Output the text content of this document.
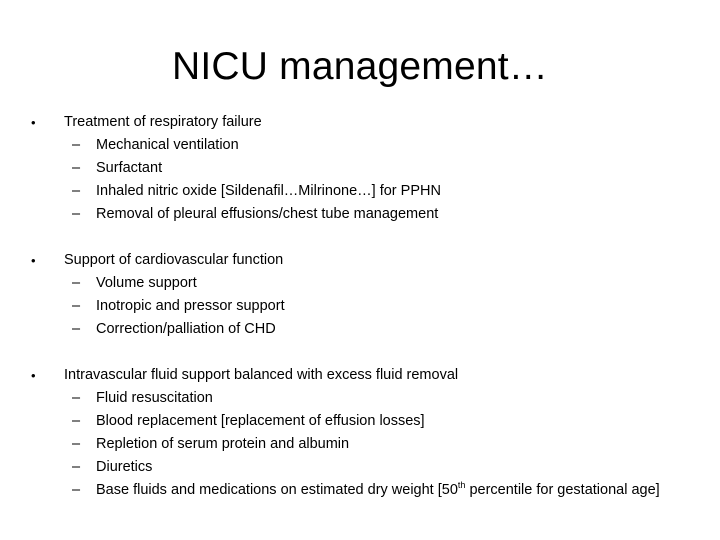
NICU management…
• Treatment of respiratory failure
– Mechanical ventilation
– Surfactant
– Inhaled nitric oxide [Sildenafil…Milrinone…] for PPHN
– Removal of pleural effusions/chest tube management
• Support of cardiovascular function
– Volume support
– Inotropic and pressor support
– Correction/palliation of CHD
• Intravascular fluid support balanced with excess fluid removal
– Fluid resuscitation
– Blood replacement [replacement of effusion losses]
– Repletion of serum protein and albumin
– Diuretics
– Base fluids and medications on estimated dry weight [50th percentile for gestational age]
